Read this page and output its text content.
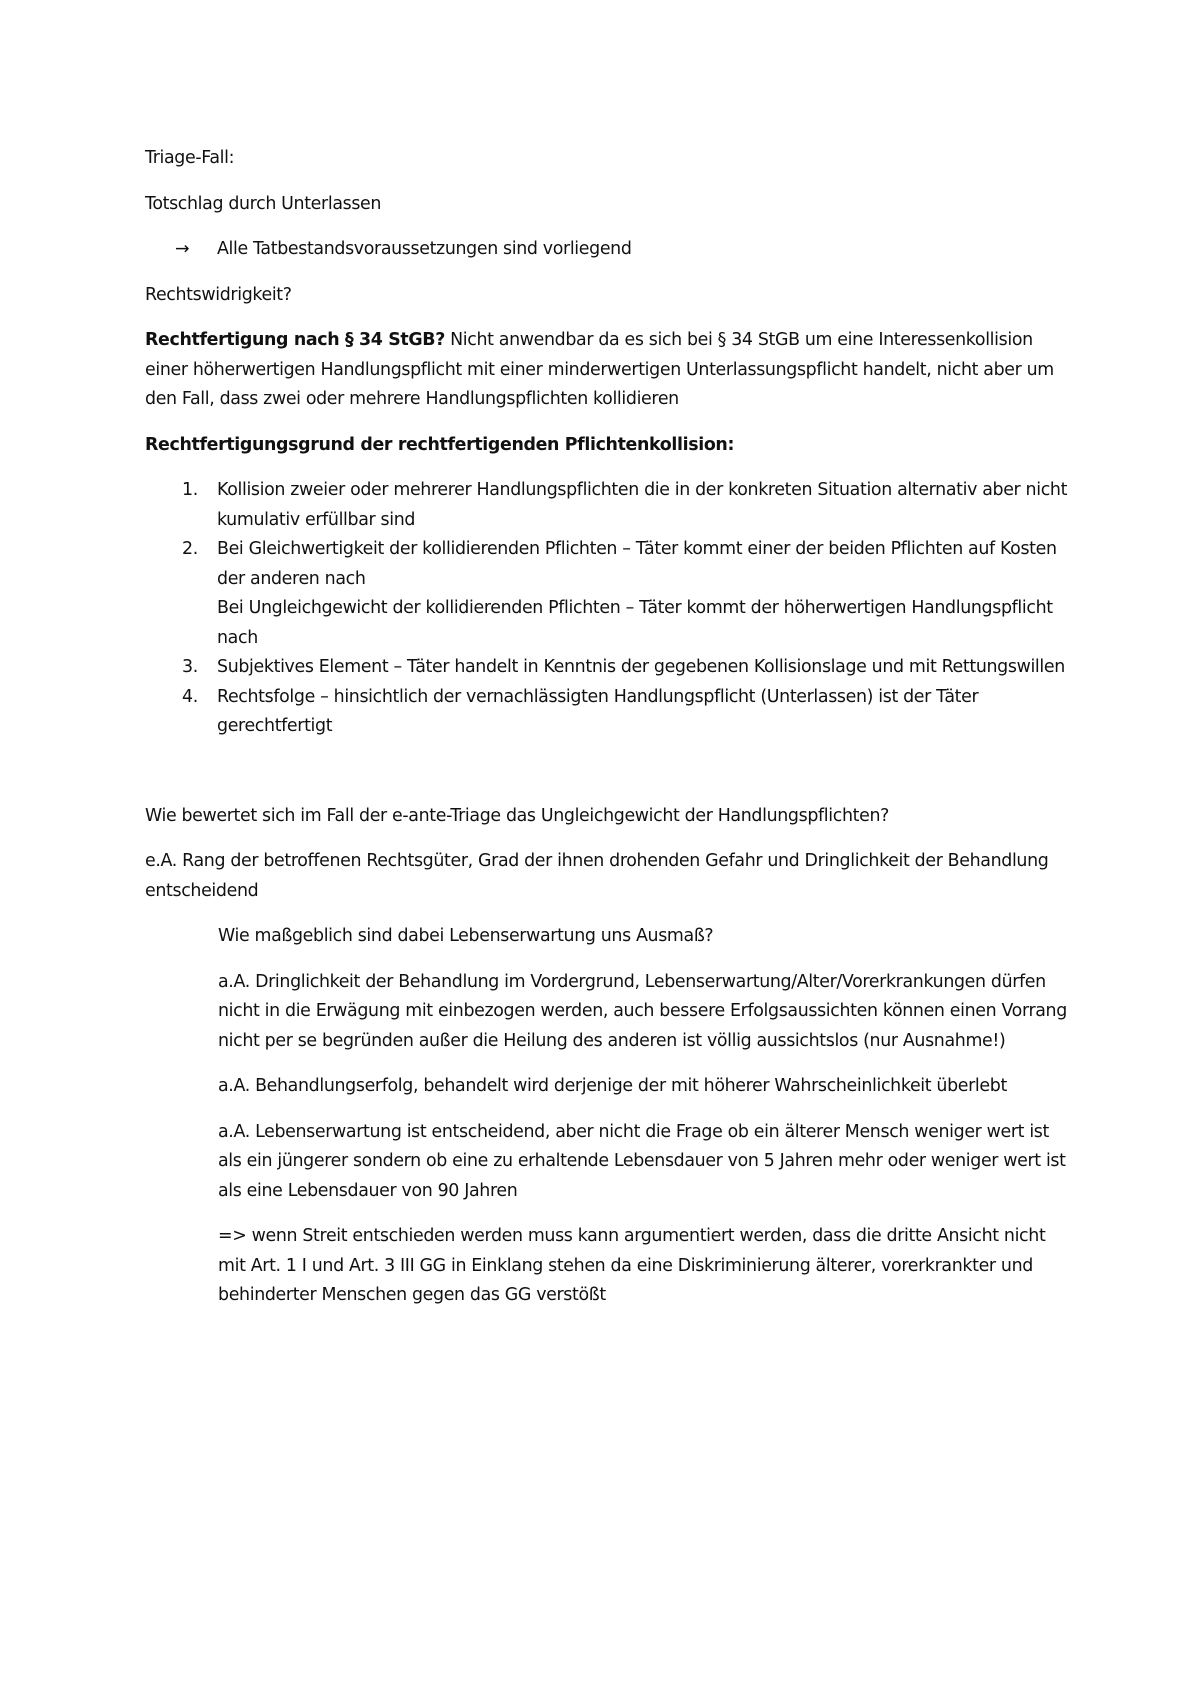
Triage-Fall:

Totschlag durch Unterlassen

→	Alle Tatbestandsvoraussetzungen sind vorliegend

Rechtswidrigkeit?

Rechtfertigung nach § 34 StGB? Nicht anwendbar da es sich bei § 34 StGB um eine Interessenkollision einer höherwertigen Handlungspflicht mit einer minderwertigen Unterlassungspflicht handelt, nicht aber um den Fall, dass zwei oder mehrere Handlungspflichten kollidieren

Rechtfertigungsgrund der rechtfertigenden Pflichtenkollision:

1.	Kollision zweier oder mehrerer Handlungspflichten die in der konkreten Situation alternativ aber nicht kumulativ erfüllbar sind
2.	Bei Gleichwertigkeit der kollidierenden Pflichten – Täter kommt einer der beiden Pflichten auf Kosten der anderen nach
Bei Ungleichgewicht der kollidierenden Pflichten – Täter kommt der höherwertigen Handlungspflicht nach
3.	Subjektives Element – Täter handelt in Kenntnis der gegebenen Kollisionslage und mit Rettungswillen
4.	Rechtsfolge – hinsichtlich der vernachlässigten Handlungspflicht (Unterlassen) ist der Täter gerechtfertigt

Wie bewertet sich im Fall der e-ante-Triage das Ungleichgewicht der Handlungspflichten?

e.A. Rang der betroffenen Rechtsgüter, Grad der ihnen drohenden Gefahr und Dringlichkeit der Behandlung entscheidend

Wie maßgeblich sind dabei Lebenserwartung uns Ausmaß?

a.A. Dringlichkeit der Behandlung im Vordergrund, Lebenserwartung/Alter/Vorerkrankungen dürfen nicht in die Erwägung mit einbezogen werden, auch bessere Erfolgsaussichten können einen Vorrang nicht per se begründen außer die Heilung des anderen ist völlig aussichtslos (nur Ausnahme!)

a.A. Behandlungserfolg, behandelt wird derjenige der mit höherer Wahrscheinlichkeit überlebt

a.A. Lebenserwartung ist entscheidend, aber nicht die Frage ob ein älterer Mensch weniger wert ist als ein jüngerer sondern ob eine zu erhaltende Lebensdauer von 5 Jahren mehr oder weniger wert ist als eine Lebensdauer von 90 Jahren

=> wenn Streit entschieden werden muss kann argumentiert werden, dass die dritte Ansicht nicht mit Art. 1 I und Art. 3 III GG in Einklang stehen da eine Diskriminierung älterer, vorerkrankter und behinderter Menschen gegen das GG verstößt
